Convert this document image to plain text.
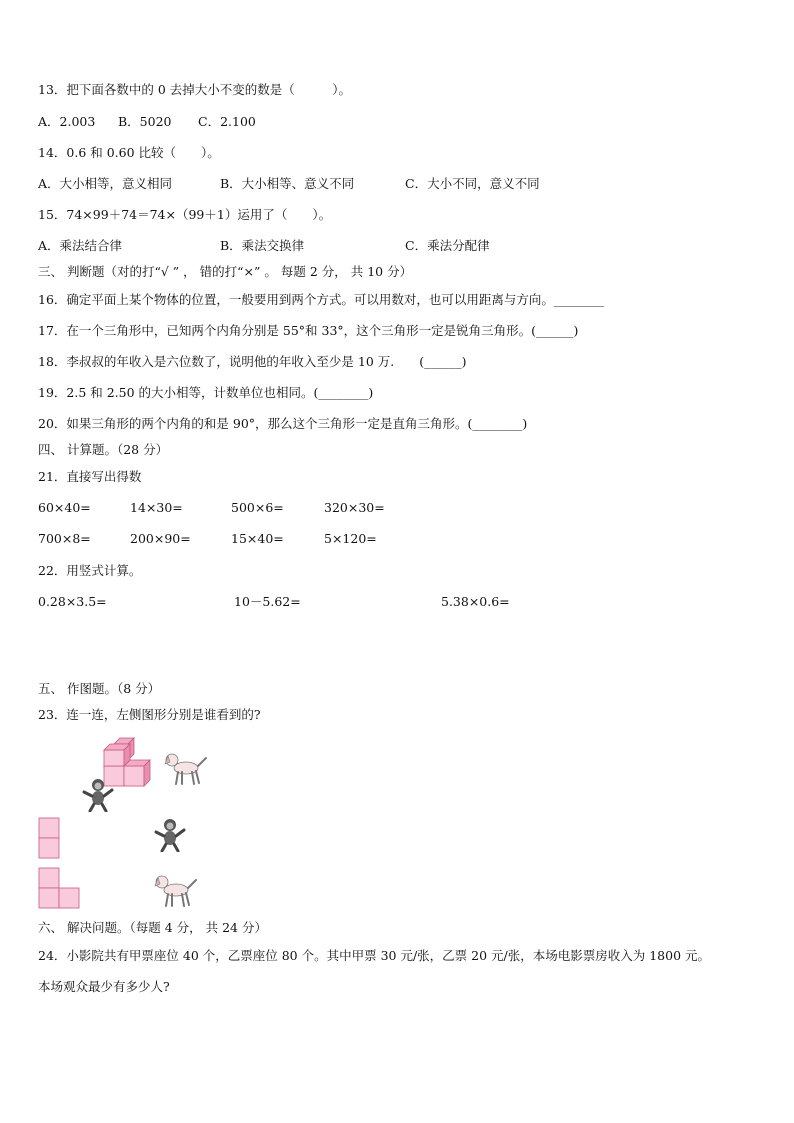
13．把下面各数中的 0 去掉大小不变的数是（　　　）。
A．2.003 B．5020 C．2.100
14．0.6 和 0.60 比较（　　）。
A．大小相等，意义相同	B．大小相等、意义不同	C．大小不同，意义不同
15．74×99＋74＝74×（99＋1）运用了（　　）。
A．乘法结合律	B．乘法交换律	C．乘法分配律
三、 判断题（对的打“√ ” ， 错的打“×” 。 每题 2 分， 共 10 分）
16．确定平面上某个物体的位置，一般要用到两个方式。可以用数对，也可以用距离与方向。________
17．在一个三角形中，已知两个内角分别是 55°和 33°，这个三角形一定是锐角三角形。(______)
18．李叔叔的年收入是六位数了，说明他的年收入至少是 10 万.　　(______)
19．2.5 和 2.50 的大小相等，计数单位也相同。(________)
20．如果三角形的两个内角的和是 90°，那么这个三角形一定是直角三角形。(________)
四、 计算题。（28 分）
21．直接写出得数
60×40=	14×30=	500×6=	320×30=
700×8=	200×90=	15×40=	5×120=
22．用竖式计算。
0.28×3.5=	10－5.62=	5.38×0.6=
五、 作图题。（8 分）
23．连一连，左侧图形分别是谁看到的?
六、 解决问题。（每题 4 分， 共 24 分）
24．小影院共有甲票座位 40 个，乙票座位 80 个。其中甲票 30 元/张，乙票 20 元/张，本场电影票房收入为 1800 元。
本场观众最少有多少人?
